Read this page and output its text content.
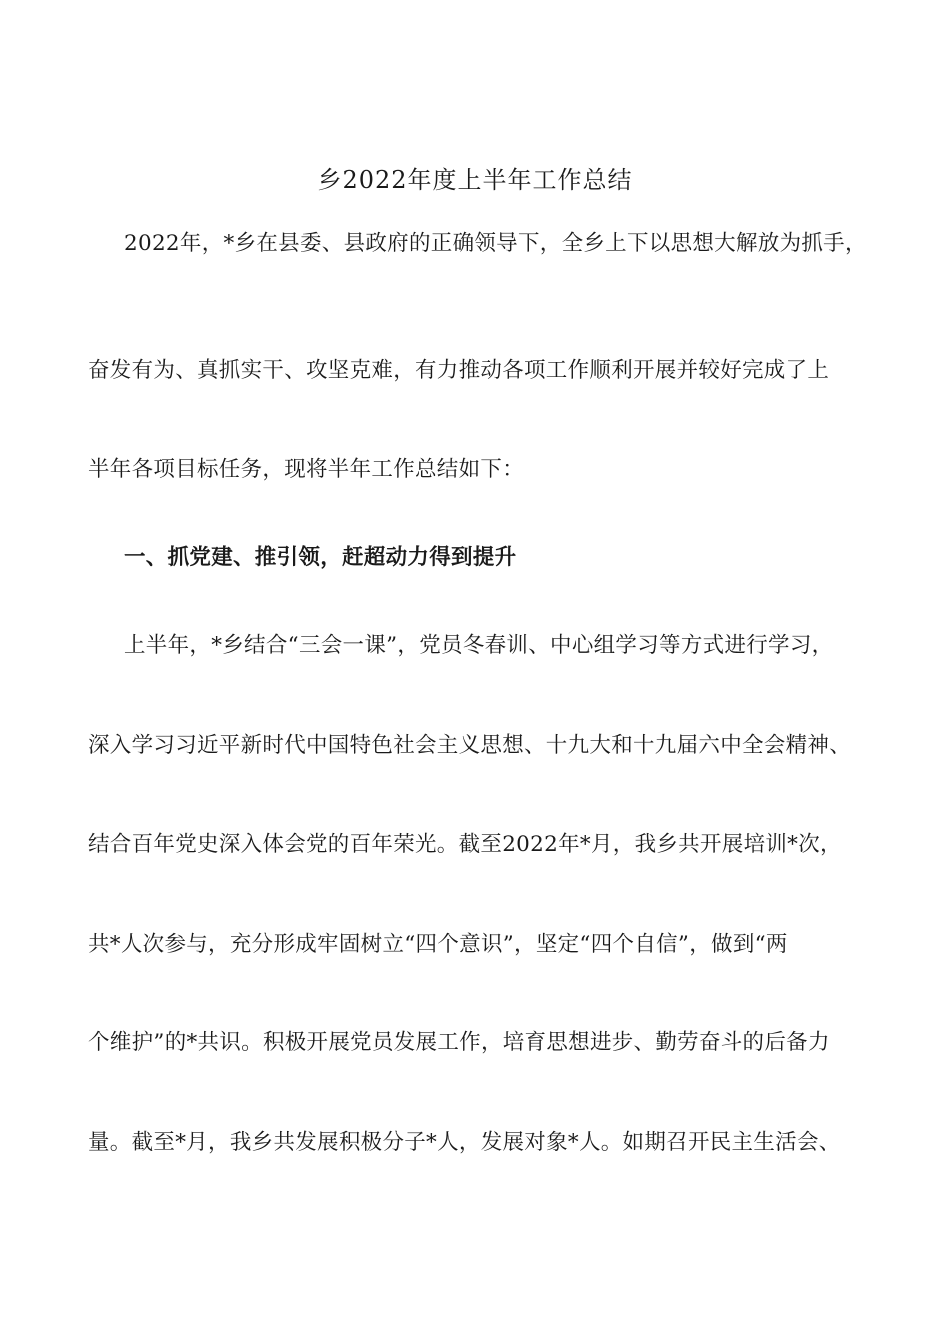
乡2022年度上半年工作总结
2022年，*乡在县委、县政府的正确领导下，全乡上下以思想大解放为抓手，
奋发有为、真抓实干、攻坚克难，有力推动各项工作顺利开展并较好完成了上
半年各项目标任务，现将半年工作总结如下：
一、抓党建、推引领，赶超动力得到提升
上半年，*乡结合“三会一课”，党员冬春训、中心组学习等方式进行学习，
深入学习习近平新时代中国特色社会主义思想、十九大和十九届六中全会精神、
结合百年党史深入体会党的百年荣光。截至2022年*月，我乡共开展培训*次，
共*人次参与，充分形成牢固树立“四个意识”，坚定“四个自信”，做到“两
个维护”的*共识。积极开展党员发展工作，培育思想进步、勤劳奋斗的后备力
量。截至*月，我乡共发展积极分子*人，发展对象*人。如期召开民主生活会、
